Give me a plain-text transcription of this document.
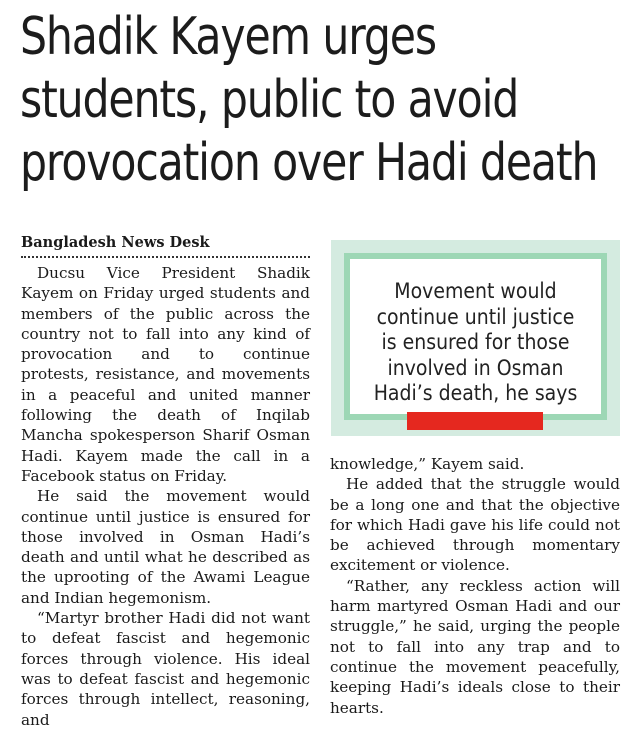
Shadik Kayem urges
students, public to avoid
provocation over Hadi death
Bangladesh News Desk

Ducsu Vice President Shadik Kayem on Friday urged students and members of the public across the country not to fall into any kind of provocation and to continue protests, resistance, and movements in a peaceful and united manner following the death of Inqilab Mancha spokesperson Sharif Osman Hadi. Kayem made the call in a Facebook status on Friday.

He said the movement would continue until justice is ensured for those involved in Osman Hadi’s death and until what he described as the uprooting of the Awami League and Indian hegemonism.

“Martyr brother Hadi did not want to defeat fascist and hegemonic forces through violence. His ideal was to defeat fascist and hegemonic forces through intellect, reasoning, and

Movement would
continue until justice
is ensured for those
involved in Osman
Hadi’s death, he says

knowledge,” Kayem said.

He added that the struggle would be a long one and that the objective for which Hadi gave his life could not be achieved through momentary excitement or violence.

“Rather, any reckless action will harm martyred Osman Hadi and our struggle,” he said, urging the people not to fall into any trap and to continue the movement peacefully, keeping Hadi’s ideals close to their hearts.
